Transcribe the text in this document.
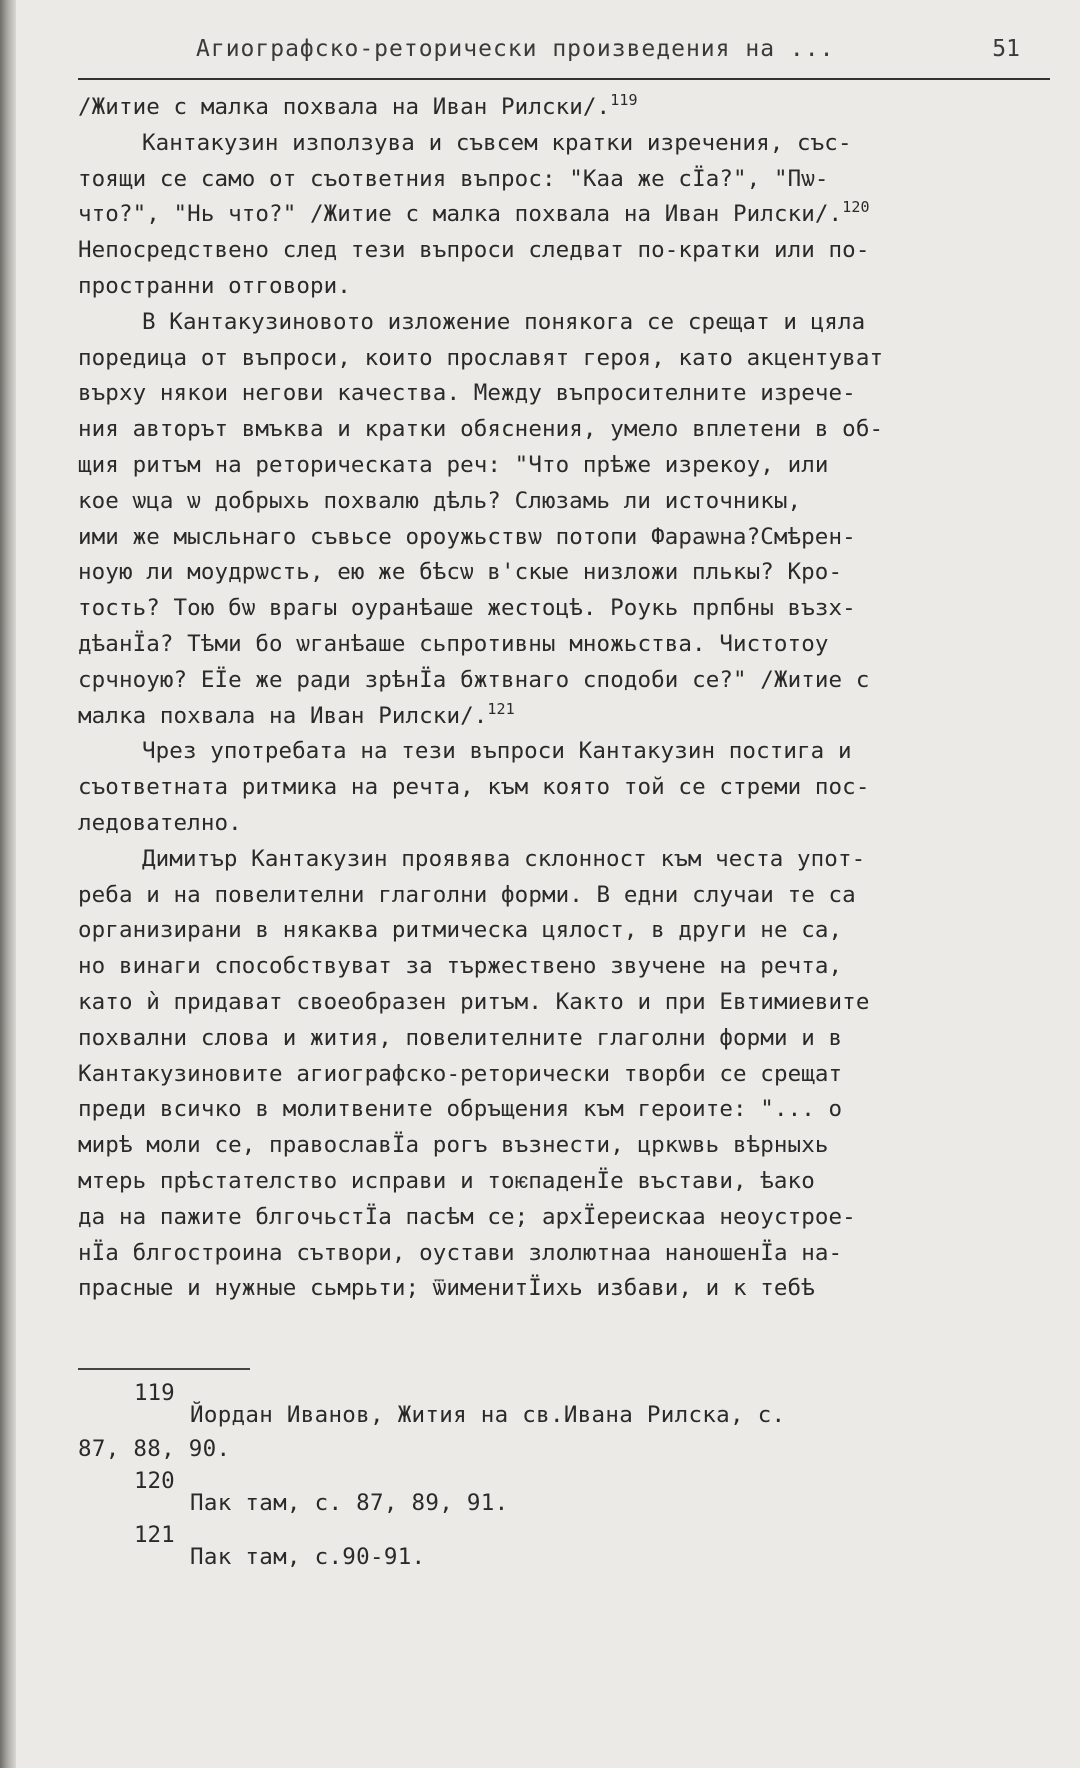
Агиографско-реторически произведения на ...	51
/Житие с малка похвала на Иван Рилски/.$^{119}$
Кантакузин използува и съвсем кратки изречения, със-
тоящи се само от съответния въпрос: "Каа же сÏа?", "Пѡ-
что?", "Нь что?" /Житие с малка похвала на Иван Рилски/.$^{120}$
Непосредствено след тези въпроси следват по-кратки или по-
пространни отговори.
В Кантакузиновото изложение понякога се срещат и цяла
поредица от въпроси, които прославят героя, като акцентуват
върху някои негови качества. Между въпросителните изрече-
ния авторът вмъква и кратки обяснения, умело вплетени в об-
щия ритъм на реторическата реч: "Что прѣже изрекоу, или
кое ѡца ѡ добрыхь похвалю дѣль? Слюзамь ли источникы,
ими же мысльнаго съвьсе ороужьствѡ потопи Фараѡна?Смѣрен-
ноую ли моудрѡсть, ею же бѣсѡ в'скые низложи плькы? Кро-
тость? Тою бѡ врагы оуранѣаше жестоцѣ. Роукь прпбны възх-
дѣанÏа? Тѣми бо ѡганѣаше сьпротивны множьства. Чистотоу
срчноую? ЕÏе же ради зрѣнÏа бжтвнаго сподоби се?" /Житие с
малка похвала на Иван Рилски/.$^{121}$
Чрез употребата на тези въпроси Кантакузин постига и
съответната ритмика на речта, към която той се стреми пос-
ледователно.
Димитър Кантакузин проявява склонност към честа упот-
реба и на повелителни глаголни форми. В едни случаи те са
организирани в някаква ритмическа цялост, в други не са,
но винаги способствуват за тържествено звучене на речта,
като ѝ придават своеобразен ритъм. Както и при Евтимиевите
похвални слова и жития, повелителните глаголни форми и в
Кантакузиновите агиографско-реторически творби се срещат
преди всичко в молитвените обръщения към героите: "... о
мирѣ моли се, православÏа рогъ възнести, цркѡвь вѣрныхь
мтерь прѣстателство исправи и тоѥпаденÏе въстави, ѣако
да на пажите блгочьстÏа пасѣм се; архÏереискаа неоустрое-
нÏа блгостроина сътвори, оустави злолютнаа наношенÏа на-
прасные и нужные сьмрьти; ѿименитÏихь избави, и к тебѣ
119
Йордан Иванов, Жития на св.Ивана Рилска, с.
87, 88, 90.
120
Пак там, с. 87, 89, 91.
121
Пак там, с.90-91.
